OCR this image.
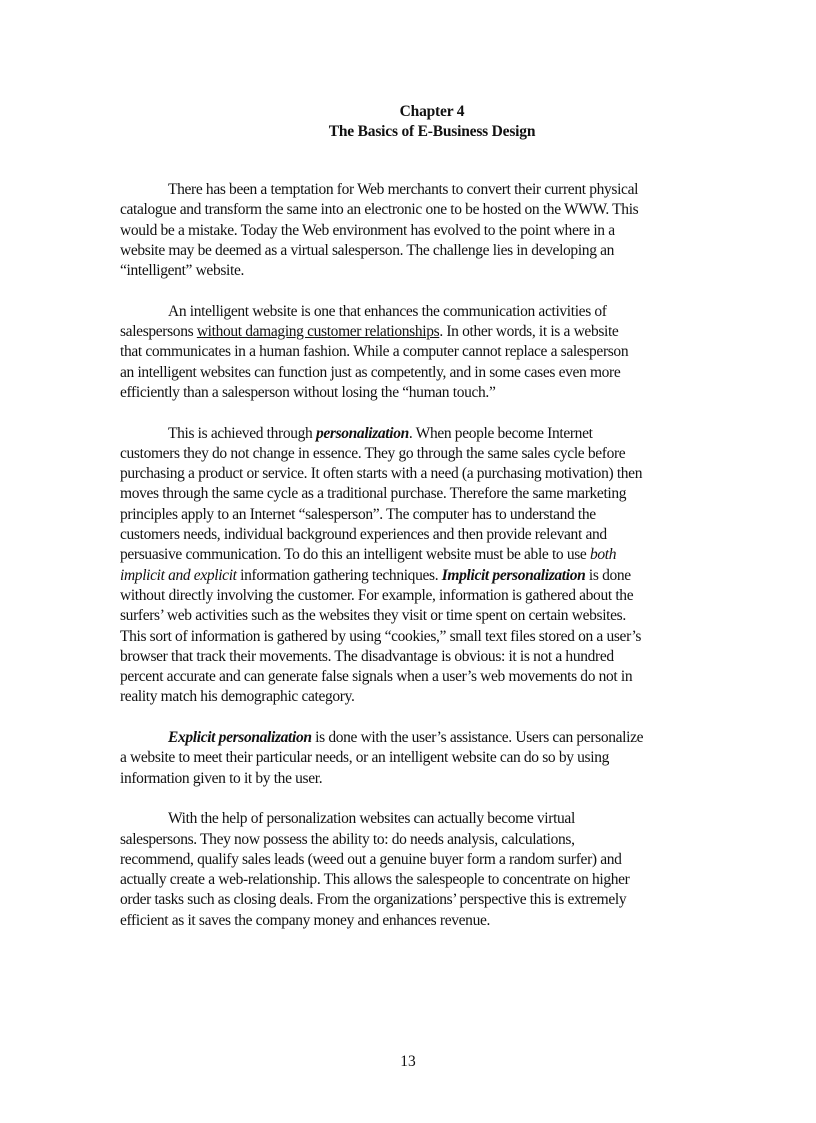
Chapter 4
The Basics of E-Business Design
There has been a temptation for Web merchants to convert their current physical
catalogue and transform the same into an electronic one to be hosted on the WWW. This
would be a mistake. Today the Web environment has evolved to the point where in a
website may be deemed as a virtual salesperson. The challenge lies in developing an
“intelligent” website.
An intelligent website is one that enhances the communication activities of
salespersons without damaging customer relationships. In other words, it is a website
that communicates in a human fashion. While a computer cannot replace a salesperson
an intelligent websites can function just as competently, and in some cases even more
efficiently than a salesperson without losing the “human touch.”
This is achieved through personalization. When people become Internet
customers they do not change in essence. They go through the same sales cycle before
purchasing a product or service. It often starts with a need (a purchasing motivation) then
moves through the same cycle as a traditional purchase. Therefore the same marketing
principles apply to an Internet “salesperson”. The computer has to understand the
customers needs, individual background experiences and then provide relevant and
persuasive communication. To do this an intelligent website must be able to use both
implicit and explicit information gathering techniques. Implicit personalization is done
without directly involving the customer. For example, information is gathered about the
surfers’ web activities such as the websites they visit or time spent on certain websites.
This sort of information is gathered by using “cookies,” small text files stored on a user’s
browser that track their movements. The disadvantage is obvious: it is not a hundred
percent accurate and can generate false signals when a user’s web movements do not in
reality match his demographic category.
Explicit personalization is done with the user’s assistance. Users can personalize
a website to meet their particular needs, or an intelligent website can do so by using
information given to it by the user.
With the help of personalization websites can actually become virtual
salespersons. They now possess the ability to: do needs analysis, calculations,
recommend, qualify sales leads (weed out a genuine buyer form a random surfer) and
actually create a web-relationship. This allows the salespeople to concentrate on higher
order tasks such as closing deals. From the organizations’ perspective this is extremely
efficient as it saves the company money and enhances revenue.
13
